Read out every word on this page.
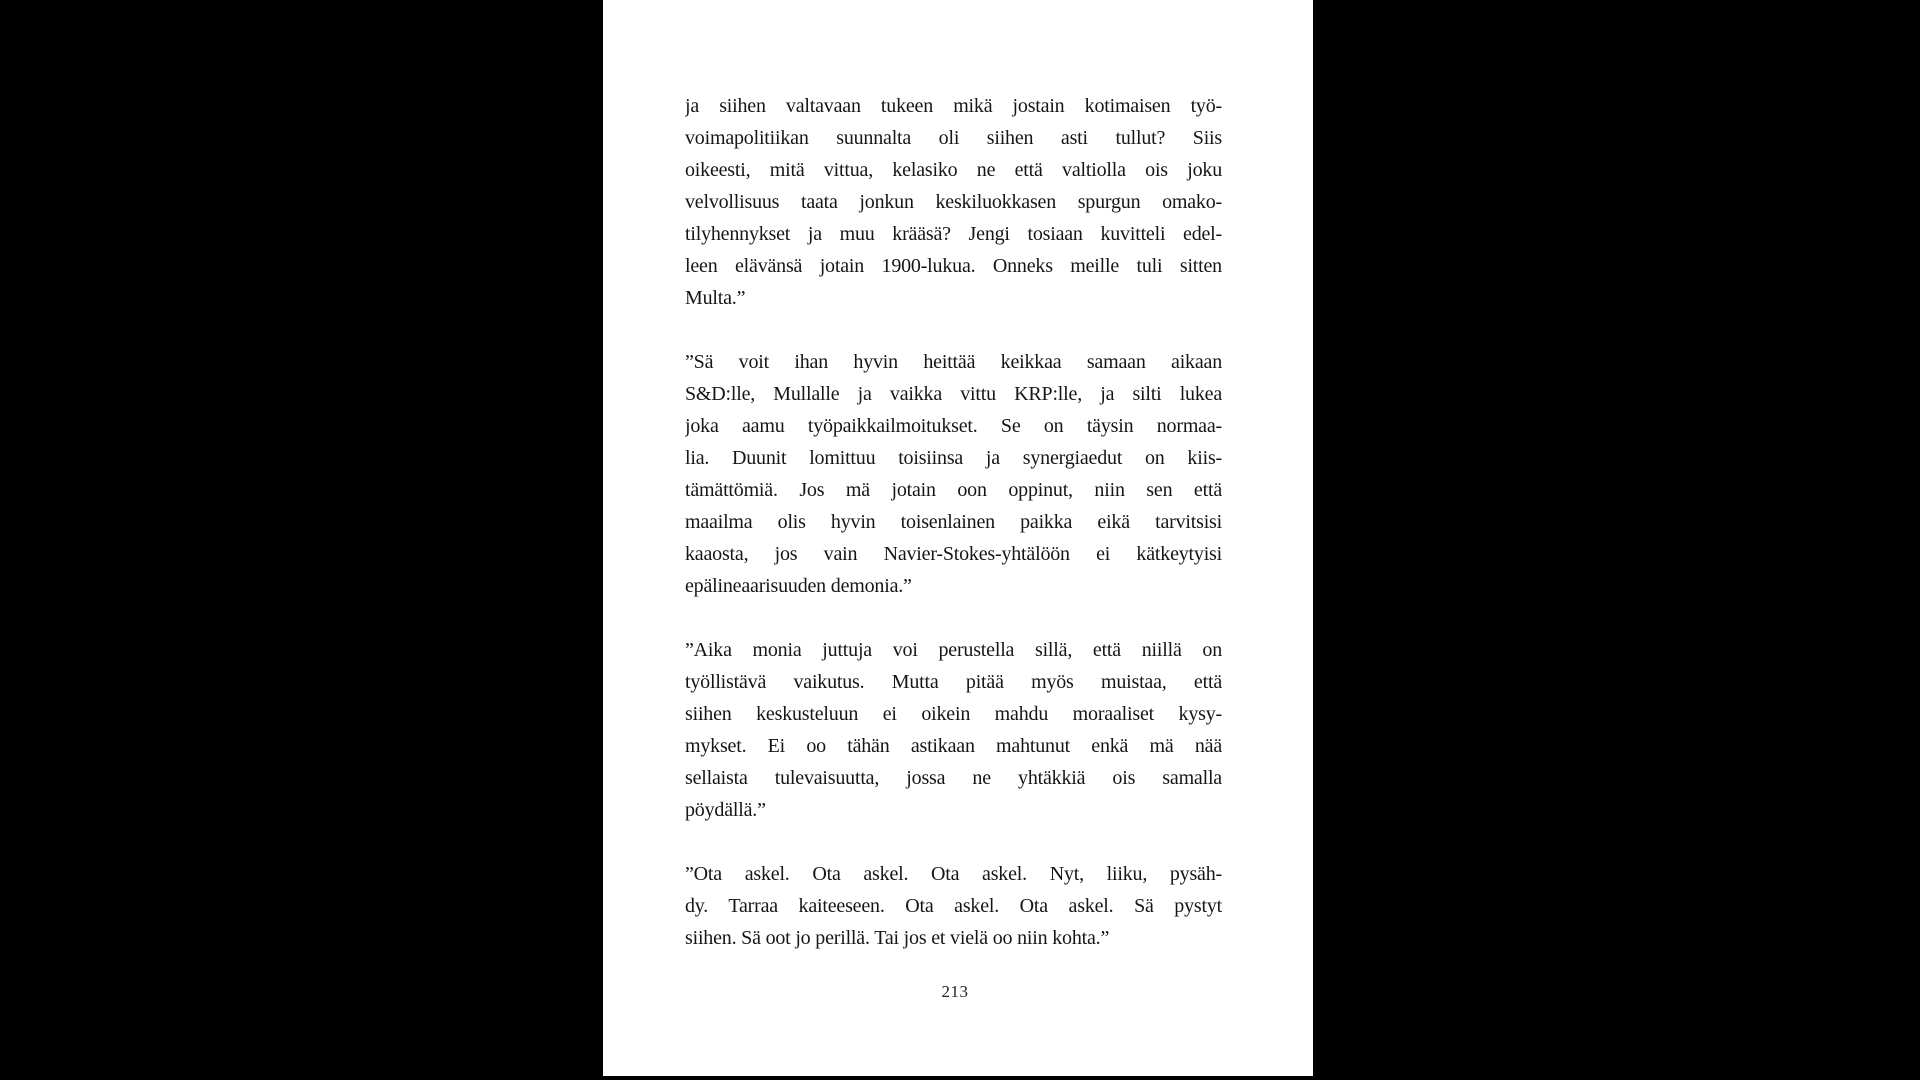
ja siihen valtavaan tukeen mikä jostain kotimaisen työ-
voimapolitiikan suunnalta oli siihen asti tullut? Siis
oikeesti, mitä vittua, kelasiko ne että valtiolla ois joku
velvollisuus taata jonkun keskiluokkasen spurgun omako-
tilyhennykset ja muu krääsä? Jengi tosiaan kuvitteli edel-
leen elävänsä jotain 1900-lukua. Onneks meille tuli sitten
Multa.”
”Sä voit ihan hyvin heittää keikkaa samaan aikaan
S&D:lle, Mullalle ja vaikka vittu KRP:lle, ja silti lukea
joka aamu työpaikkailmoitukset. Se on täysin normaa-
lia. Duunit lomittuu toisiinsa ja synergiaedut on kiis-
tämättömiä. Jos mä jotain oon oppinut, niin sen että
maailma olis hyvin toisenlainen paikka eikä tarvitsisi
kaaosta, jos vain Navier-Stokes-yhtälöön ei kätkeytyisi
epälineaarisuuden demonia.”
”Aika monia juttuja voi perustella sillä, että niillä on
työllistävä vaikutus. Mutta pitää myös muistaa, että
siihen keskusteluun ei oikein mahdu moraaliset kysy-
mykset. Ei oo tähän astikaan mahtunut enkä mä nää
sellaista tulevaisuutta, jossa ne yhtäkkiä ois samalla
pöydällä.”
”Ota askel. Ota askel. Ota askel. Nyt, liiku, pysäh-
dy. Tarraa kaiteeseen. Ota askel. Ota askel. Sä pystyt
siihen. Sä oot jo perillä. Tai jos et vielä oo niin kohta.”
213
